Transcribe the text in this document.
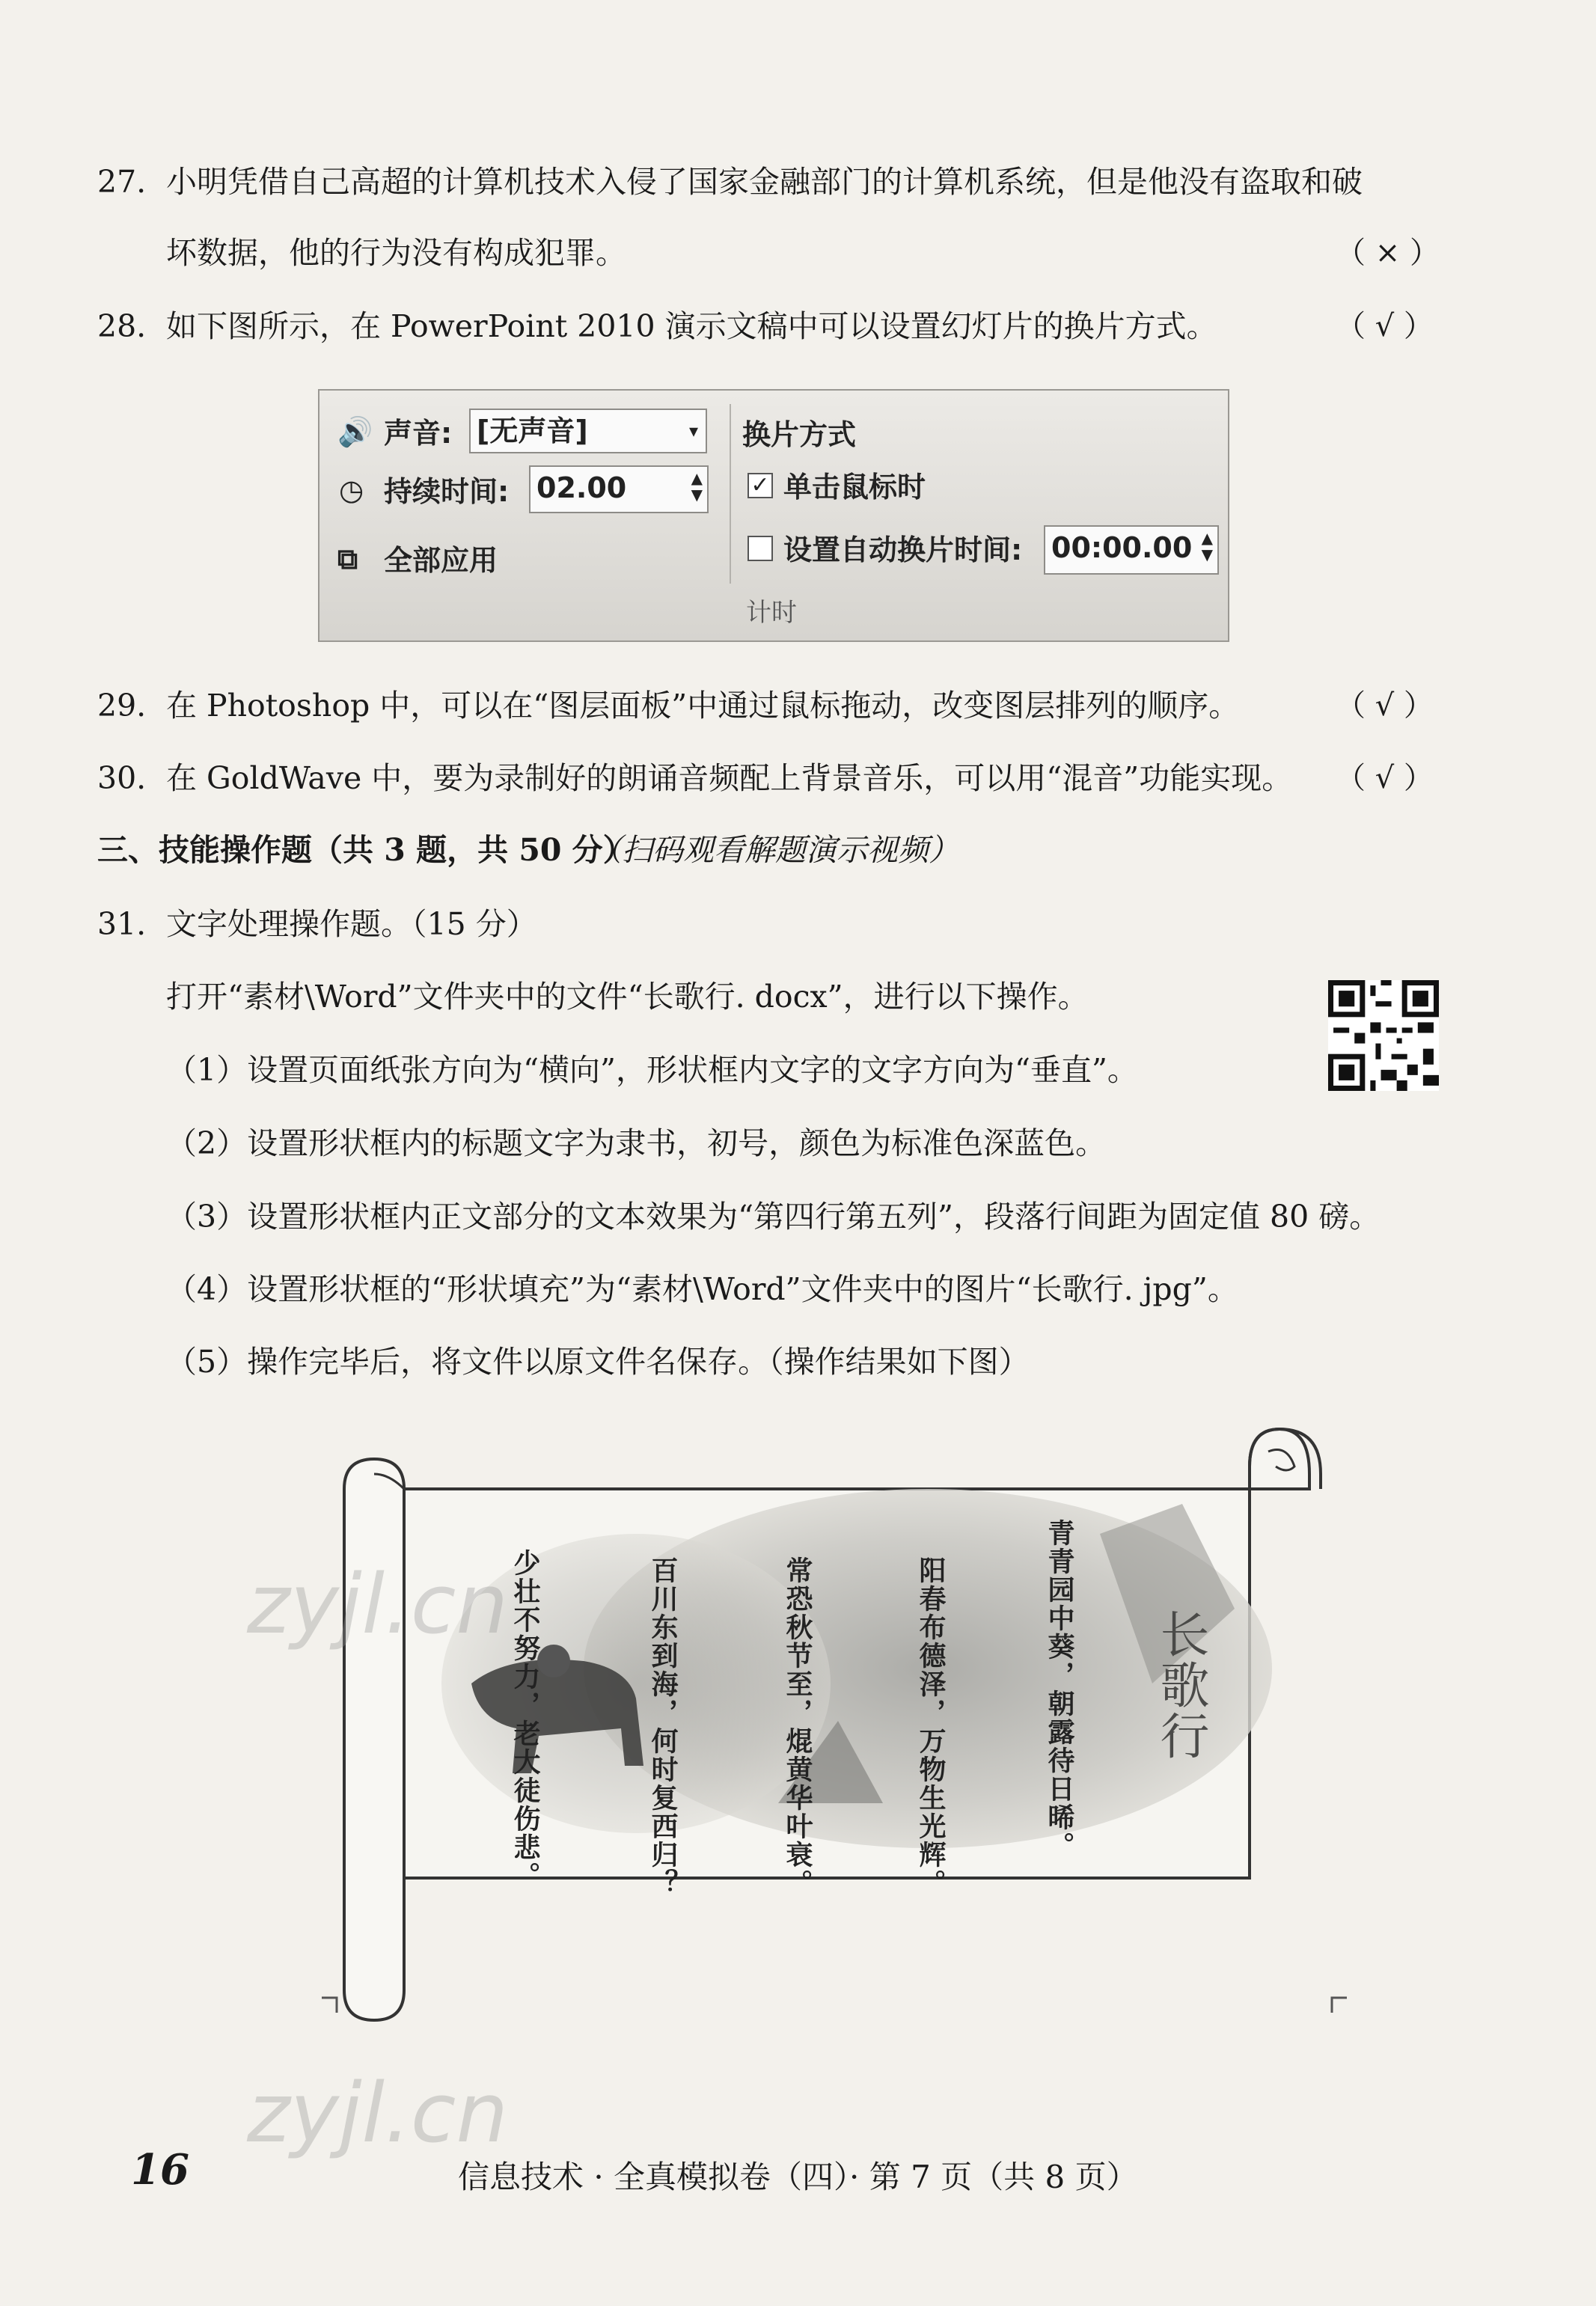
27. 小明凭借自己高超的计算机技术入侵了国家金融部门的计算机系统，但是他没有盗取和破
坏数据，他的行为没有构成犯罪。	（ × ）
28. 如下图所示，在 PowerPoint 2010 演示文稿中可以设置幻灯片的换片方式。	（ √ ）
🔊 声音: [无声音]	▾
◷ 持续时间: 02.00	▲
▼
⧉ 全部应用
换片方式
✓ 单击鼠标时
设置自动换片时间: 00:00.00 ▲
▼
计时
29. 在 Photoshop 中，可以在“图层面板”中通过鼠标拖动，改变图层排列的顺序。	（ √ ）
30. 在 GoldWave 中，要为录制好的朗诵音频配上背景音乐，可以用“混音”功能实现。 （ √ ）
三、技能操作题（共 3 题，共 50 分）
（扫码观看解题演示视频）
31. 文字处理操作题。（15 分）
打开“素材\Word”文件夹中的文件“长歌行. docx”，进行以下操作。
（1）设置页面纸张方向为“横向”，形状框内文字的文字方向为“垂直”。
（2）设置形状框内的标题文字为隶书，初号，颜色为标准色深蓝色。
（3）设置形状框内正文部分的文本效果为“第四行第五列”，段落行间距为固定值 80 磅。
（4）设置形状框的“形状填充”为“素材\Word”文件夹中的图片“长歌行. jpg”。
（5）操作完毕后，将文件以原文件名保存。（操作结果如下图）
青青园中葵，朝露待日晞。
阳春布德泽，万物生光辉。
常恐秋节至，焜黄华叶衰。
百川东到海，何时复西归？
少壮不努力，老大徒伤悲。	长歌行
zyjl.cn
zyjl.cn
16	信息技术 · 全真模拟卷（四）· 第 7 页（共 8 页）
